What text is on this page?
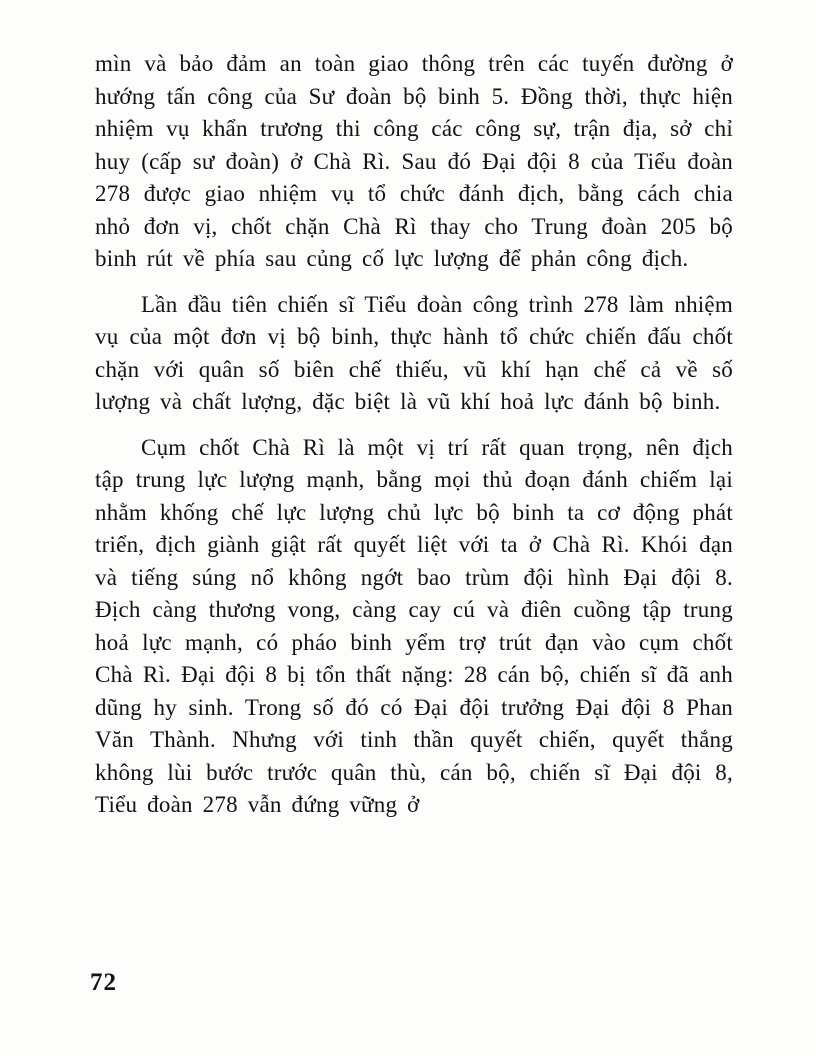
mìn và bảo đảm an toàn giao thông trên các tuyến đường ở hướng tấn công của Sư đoàn bộ binh 5. Đồng thời, thực hiện nhiệm vụ khẩn trương thi công các công sự, trận địa, sở chỉ huy (cấp sư đoàn) ở Chà Rì. Sau đó Đại đội 8 của Tiểu đoàn 278 được giao nhiệm vụ tổ chức đánh địch, bằng cách chia nhỏ đơn vị, chốt chặn Chà Rì thay cho Trung đoàn 205 bộ binh rút về phía sau củng cố lực lượng để phản công địch.

Lần đầu tiên chiến sĩ Tiểu đoàn công trình 278 làm nhiệm vụ của một đơn vị bộ binh, thực hành tổ chức chiến đấu chốt chặn với quân số biên chế thiếu, vũ khí hạn chế cả về số lượng và chất lượng, đặc biệt là vũ khí hoả lực đánh bộ binh.

Cụm chốt Chà Rì là một vị trí rất quan trọng, nên địch tập trung lực lượng mạnh, bằng mọi thủ đoạn đánh chiếm lại nhằm khống chế lực lượng chủ lực bộ binh ta cơ động phát triển, địch giành giật rất quyết liệt với ta ở Chà Rì. Khói đạn và tiếng súng nổ không ngớt bao trùm đội hình Đại đội 8. Địch càng thương vong, càng cay cú và điên cuồng tập trung hoả lực mạnh, có pháo binh yểm trợ trút đạn vào cụm chốt Chà Rì. Đại đội 8 bị tổn thất nặng: 28 cán bộ, chiến sĩ đã anh dũng hy sinh. Trong số đó có Đại đội trưởng Đại đội 8 Phan Văn Thành. Nhưng với tinh thần quyết chiến, quyết thắng không lùi bước trước quân thù, cán bộ, chiến sĩ Đại đội 8, Tiểu đoàn 278 vẫn đứng vững ở

72
